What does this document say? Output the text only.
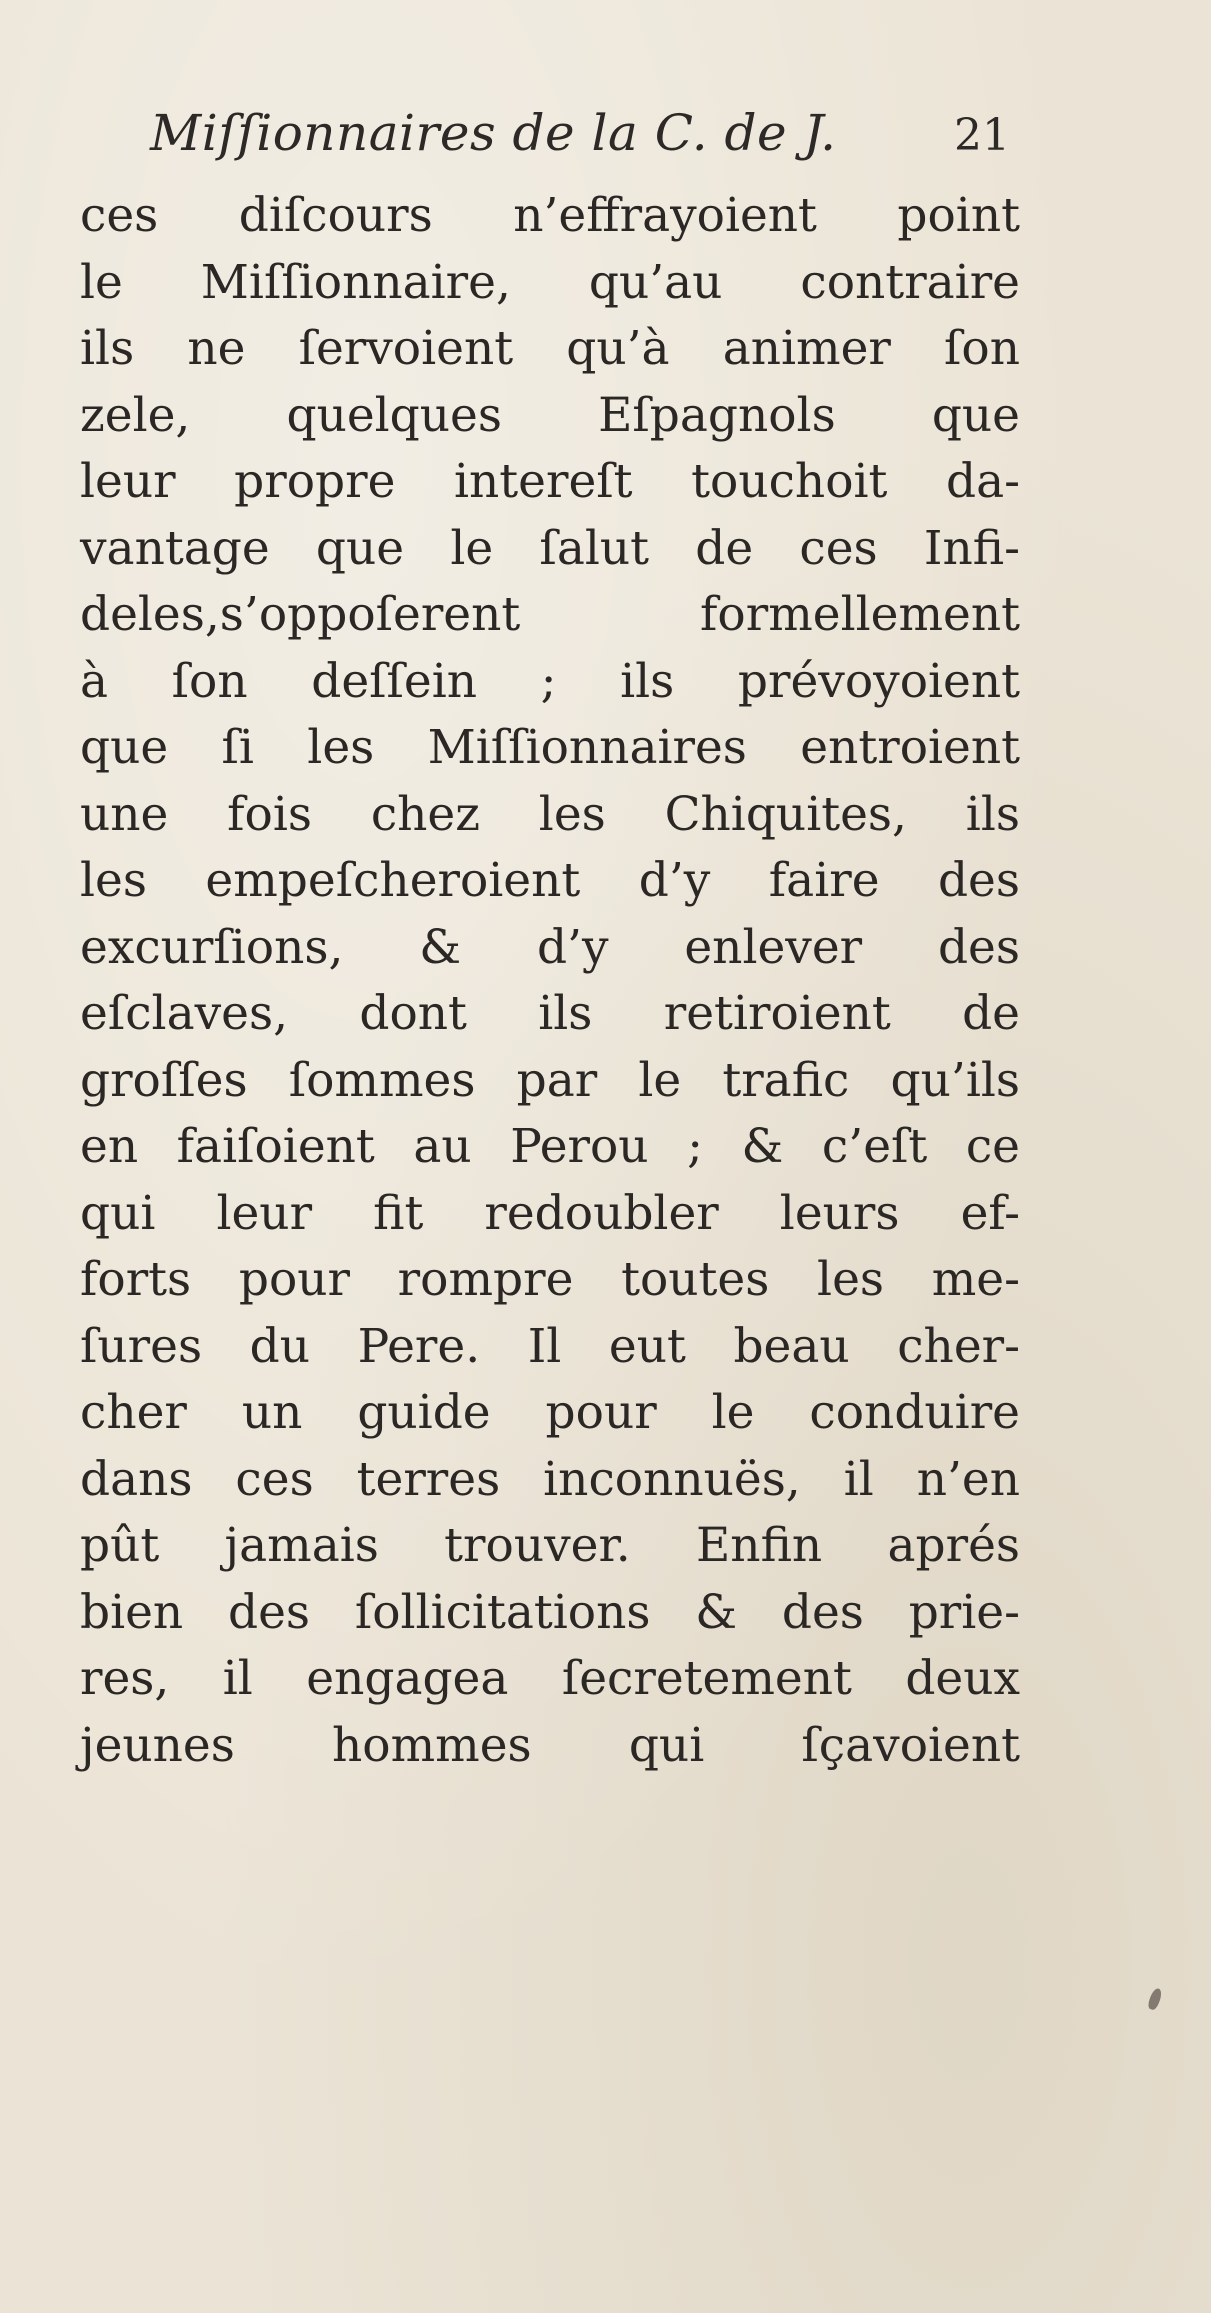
Miſſionnaires de la C. de J.	21
ces diſcours n’effrayoient point
le Miſſionnaire, qu’au contraire
ils ne ſervoient qu’à animer ſon
zele, quelques Eſpagnols que
leur propre intereſt touchoit da-
vantage que le ſalut de ces Infi-
deles,s’oppoſerent formellement
à ſon deſſein ; ils prévoyoient
que ſi les Miſſionnaires entroient
une fois chez les Chiquites, ils
les empeſcheroient d’y faire des
excurſions, & d’y enlever des
eſclaves, dont ils retiroient de
groſſes ſommes par le trafic qu’ils
en faiſoient au Perou ; & c’eſt ce
qui leur fit redoubler leurs ef-
forts pour rompre toutes les me-
ſures du Pere. Il eut beau cher-
cher un guide pour le conduire
dans ces terres inconnuës, il n’en
pût jamais trouver. Enfin aprés
bien des ſollicitations & des prie-
res, il engagea ſecretement deux
jeunes hommes qui ſçavoient
